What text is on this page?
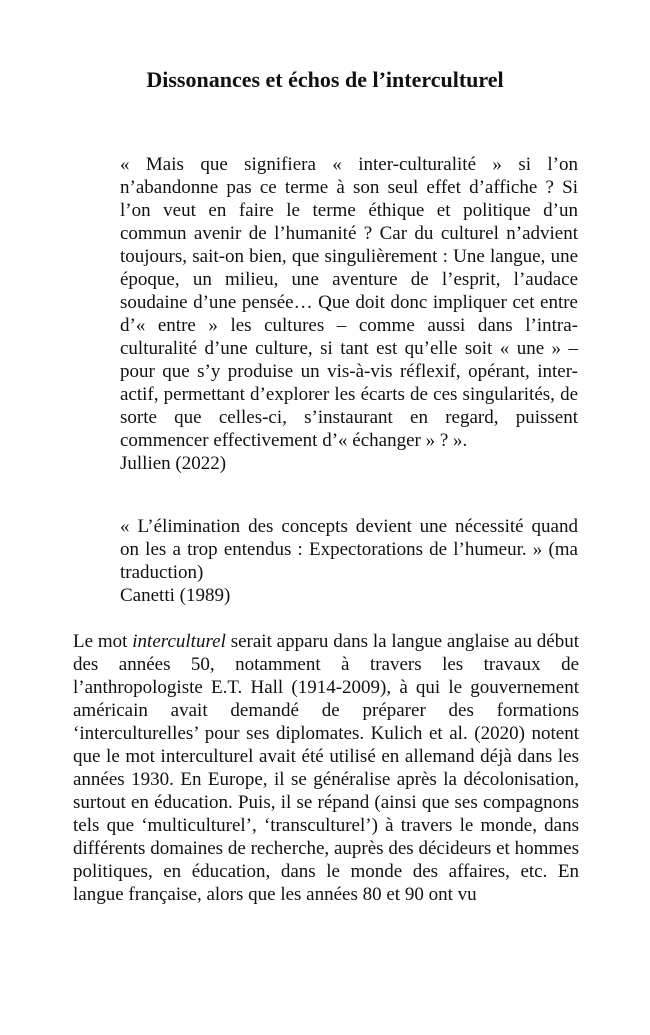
Dissonances et échos de l’interculturel

« Mais que signifiera « inter-culturalité » si l’on n’abandonne pas ce terme à son seul effet d’affiche ? Si l’on veut en faire le terme éthique et politique d’un commun avenir de l’humanité ? Car du culturel n’advient toujours, sait-on bien, que singulièrement : Une langue, une époque, un milieu, une aventure de l’esprit, l’audace soudaine d’une pensée… Que doit donc impliquer cet entre d’« entre » les cultures – comme aussi dans l’intra-culturalité d’une culture, si tant est qu’elle soit « une » – pour que s’y produise un vis-à-vis réflexif, opérant, inter-actif, permettant d’explorer les écarts de ces singularités, de sorte que celles-ci, s’instaurant en regard, puissent commencer effectivement d’« échanger » ? ».

Jullien (2022)

« L’élimination des concepts devient une nécessité quand on les a trop entendus : Expectorations de l’humeur. » (ma traduction)

Canetti (1989)

Le mot interculturel serait apparu dans la langue anglaise au début des années 50, notamment à travers les travaux de l’anthropologiste E.T. Hall (1914-2009), à qui le gouvernement américain avait demandé de préparer des formations ‘interculturelles’ pour ses diplomates. Kulich et al. (2020) notent que le mot interculturel avait été utilisé en allemand déjà dans les années 1930. En Europe, il se généralise après la décolonisation, surtout en éducation. Puis, il se répand (ainsi que ses compagnons tels que ‘multiculturel’, ‘transculturel’) à travers le monde, dans différents domaines de recherche, auprès des décideurs et hommes politiques, en éducation, dans le monde des affaires, etc. En langue française, alors que les années 80 et 90 ont vu
